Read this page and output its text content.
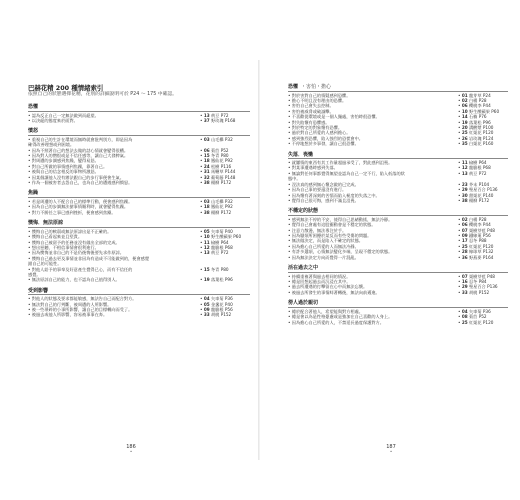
巴赫花精 200 種情緒索引
依照自己的狀態選擇花精，花別的詳細說明可於 P24 ～ 175 中確認。
恐懼
• 認為反正自己一定無法做到而絕望。	• 13 荊豆 P72
• 以決絕的態度來於面對。	• 37 野玫瑰 P168
憤怒
• 重視自己的生計在環境而無時就會批判別方，即是因為	• 03 山毛櫸 P32
確得改善理想或到困境。
• 因為不照著自己的想法去做的話心情就會變得很糟。	• 06 菊苣 P52
• 因為對人的憎恨或是不信任感等，讓自己大發脾氣。	• 15 冬青 P80
• 對周遭的步調感到焦躁，變得易怒。	• 18 鳳仙花 P92
• 對自己所做的事情感到焦躁，靠著自己。	• 24 松樹 P116
• 被與自己的信念相反的事物所激怒。	• 31 馬鞭草 P144
• 因某個讓他人沒有辦法跟自己的步行事便會生氣。	• 32 葡萄藤 P148
• 作為一個被害者去怨自己，也為自己的遭遇感到憤怒。	• 38 楊柳 P172
焦躁
• 若是周遭的人不配合自己的標準行動，便會感到焦躁。	• 03 山毛櫸 P32
• 因為自己的步調無法搶事情順利時，就會變得焦躁。	• 18 鳳仙花 P92
• 對力不勝任之事已感到挫折，便會感到焦躁。	• 38 楊柳 P172
懊悔．無法原諒
• 懊悔自己的軟弱或無法原諒出是不正確的。	• 05 矢車菊 P40
• 懊悔自己看起來並且堅貴。	• 10 野生酸蘋果 P60
• 懊悔自己被留予的任務並沒有做出全部的完成。	• 11 榆樹 P64
• 想出惡聽，不相信事情會很利進行。	• 12 龍膽根 P68
• 因為懊悔並非自己的不是仍後悔後要先求作原諒。	• 13 荊豆 P72
• 懊悔自己過去更及事情並非因為有造成不可能做到的，便會感覺
錯自己的可能性。
• 對他人給予的事奉及好意產生覺得已心，而有不信任的	• 15 冬青 P80
感覺。
• 無法原諒自己的能力，也不認為自己值得別人。	• 19 落葉松 P96
受到影響
• 對他人的狀態及要求都能敏感，無法告自己而配合對方。	• 04 矢車菊 P36
• 無法對自己的行判斷，被周遭的人所影響。	• 05 金盞花 P40
• 被一些瑣碎的小事所影響，讓自己的目標轉向而受了。	• 09 龍膽根 P56
• 被過去或他人所影響，容易被事事在奔。	• 33 胡桃 P152
186
•
恐懼 ・害怕・擔心
• 對於害對自己的情疑感到恐懼。	• 01 龍芽草 P24
• 擔心不明且沒有理由的恐懼。	• 02 白楊 P28
• 害怕自己會失去控制。	• 06 櫻桃李 P44
• 害怕被威脅或破滅擊。	• 10 野生酸蘋果 P60
• 不喜歡從環境或是一個人獨處，害怕時很恐懼。	• 14 石楠 P76
• 對失敗懷有恐懼感。	• 19 落葉松 P96
• 對於特定的對象懷有恐懼。	• 20 溝酸漿 P100
• 過於對自己所愛的人感到擔心。	• 25 紅栗花 P120
• 感到強烈恐懼，陷入強烈的恐慌會中。	• 26 岩玫瑰 P124
• 不停地想於多事發，讓自己很恐懼。	• 35 白栗花 P160
失落．喪慟
• 就屢情的東西有其工作量超過承受了，對此感到沮喪。	• 11 榆樹 P64
• 對某事遭遇時感到失落。	• 12 龍膽根 P68
• 無論對任何事都覺得無望並認為自己一定不行，陷入低落的狀	• 13 荊豆 P72
態中。
• 沒法真的感到無心懷念做的已完成。	• 23 芥末 P104
• 因為自己事的要還沒有進行。	• 29 聖星百合 P136
• 因為懷有著深刻的苦惱而陷入極度的失落之中。	• 30 甜栗花 P140
• 覺得自己很可悔，感到不滿且沮喪。	• 38 楊柳 P172
不穩定的狀態
• 感到無法不停的不安，使得自己思緒動搖，無法冷靜。	• 02 白楊 P28
• 覺得自己會處有這股衝動會是不穩定的狀態。	• 06 櫻桃李 P44
• 注意力散漫，無法專注於手。	• 07 栗樹芽苞 P48
• 因為厭煩所困擾於某反而有些受傷的問題。	• 09 鐵線蓮 P56
• 無法做決定，而是陷入不確定的狀態。	• 17 忍冬 P88
• 因為擔心自己所愛的人而無法冷靜。	• 25 紅栗花 P120
• 有許多選項，心情無法變化多端，呈現不穩定的狀態。	• 28 線球草 P132
• 因為無法決定方向而覺得一片混亂。	• 36 野燕麥 P164
活在過去之中
• 持續重複著與過去相同的情況。	• 07 栗樹芽苞 P48
• 總是回想起過去而沉浸在其中。	• 16 忍冬 P84
• 過去所遭遇的打擊留在心中而無法忘懷。	• 29 聖星百合 P136
• 被過去所發生的事情絆著轉後，無法向前邁進。	• 33 胡桃 P152
徬人過於親切
• 總於配合著他人，希望能與對方相處。	• 04 矢車菊 P36
• 總是會以為是性格憂慮或是強加在自己喜歡的人身上。	• 08 菊苣 P52
• 因為擔心自己所愛的人，不禁延長過度保護對方。	• 25 紅栗花 P120
187
•
